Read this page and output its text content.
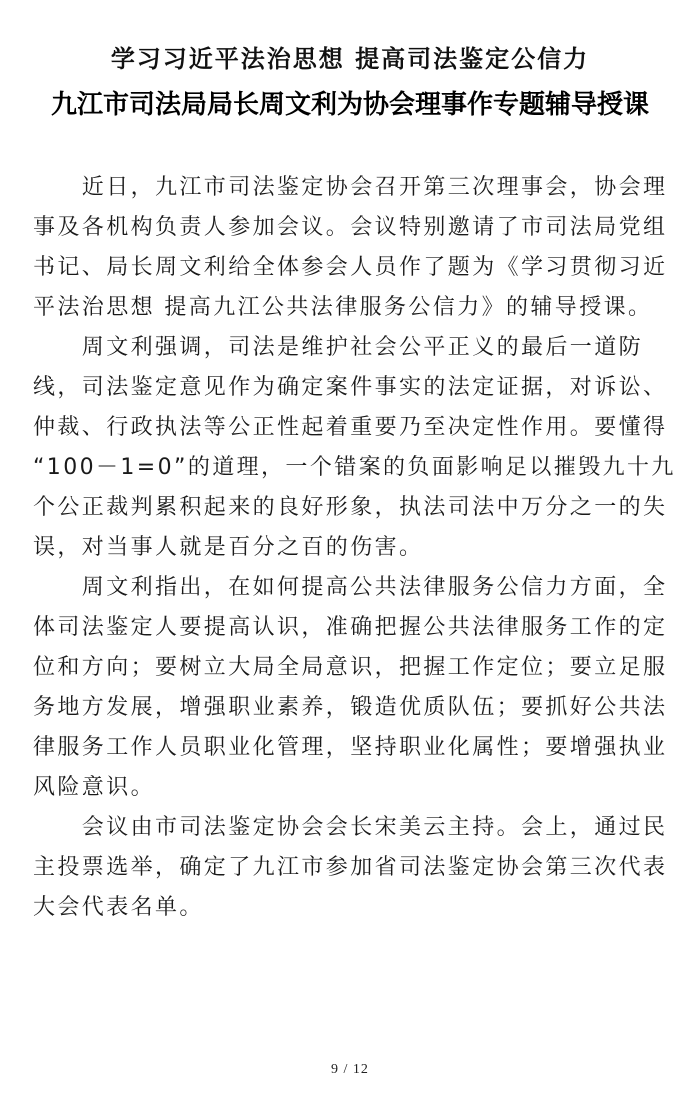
学习习近平法治思想 提高司法鉴定公信力
九江市司法局局长周文利为协会理事作专题辅导授课
　　近日，九江市司法鉴定协会召开第三次理事会，协会理
事及各机构负责人参加会议。会议特别邀请了市司法局党组
书记、局长周文利给全体参会人员作了题为《学习贯彻习近
平法治思想 提高九江公共法律服务公信力》的辅导授课。
　　周文利强调，司法是维护社会公平正义的最后一道防
线，司法鉴定意见作为确定案件事实的法定证据，对诉讼、
仲裁、行政执法等公正性起着重要乃至决定性作用。要懂得
“100－1=0”的道理，一个错案的负面影响足以摧毁九十九
个公正裁判累积起来的良好形象，执法司法中万分之一的失
误，对当事人就是百分之百的伤害。
　　周文利指出，在如何提高公共法律服务公信力方面，全
体司法鉴定人要提高认识，准确把握公共法律服务工作的定
位和方向；要树立大局全局意识，把握工作定位；要立足服
务地方发展，增强职业素养，锻造优质队伍；要抓好公共法
律服务工作人员职业化管理，坚持职业化属性；要增强执业
风险意识。
　　会议由市司法鉴定协会会长宋美云主持。会上，通过民
主投票选举，确定了九江市参加省司法鉴定协会第三次代表
大会代表名单。
9 / 12
